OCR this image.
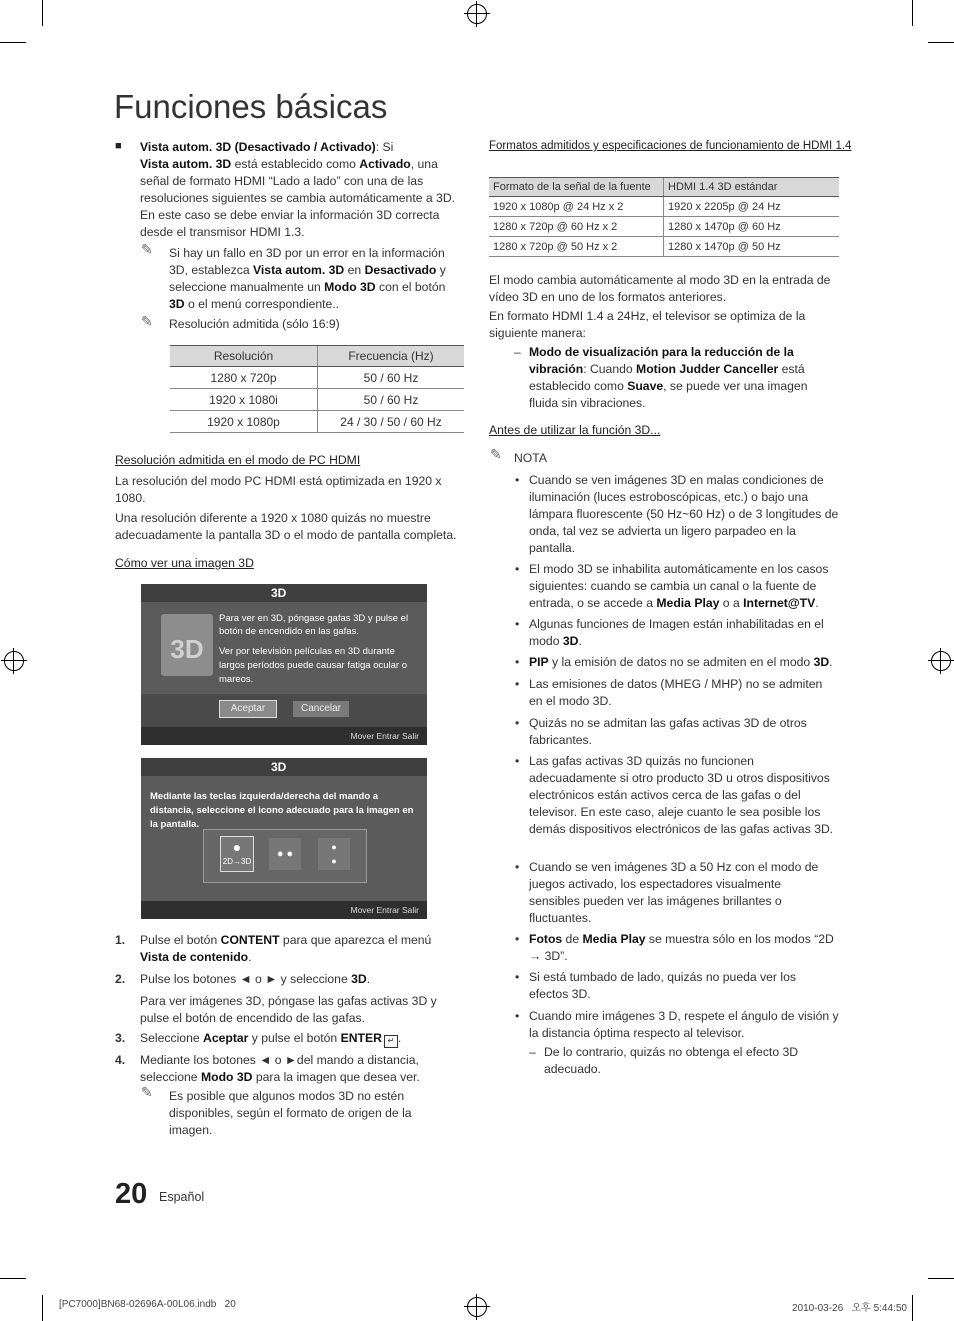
Funciones básicas
■ Vista autom. 3D (Desactivado / Activado): Si
Vista autom. 3D está establecido como Activado, una señal de formato HDMI “Lado a lado” con una de las resoluciones siguientes se cambia automáticamente a 3D. En este caso se debe enviar la información 3D correcta desde el transmisor HDMI 1.3.
✎ Si hay un fallo en 3D por un error en la información 3D, establezca Vista autom. 3D en Desactivado y seleccione manualmente un Modo 3D con el botón 3D o el menú correspondiente..
✎ Resolución admitida (sólo 16:9)
Resolución	Frecuencia (Hz)
1280 x 720p	50 / 60 Hz
1920 x 1080i	50 / 60 Hz
1920 x 1080p	24 / 30 / 50 / 60 Hz
Resolución admitida en el modo de PC HDMI

La resolución del modo PC HDMI está optimizada en 1920 x 1080.

Una resolución diferente a 1920 x 1080 quizás no muestre adecuadamente la pantalla 3D o el modo de pantalla completa.

Cómo ver una imagen 3D
3D
3D
Para ver en 3D, póngase gafas 3D y pulse el botón de encendido en las gafas.
Ver por televisión películas en 3D durante largos períodos puede causar fatiga ocular o mareos.
Aceptar	Cancelar
Mover Entrar Salir
3D
Mediante las teclas izquierda/derecha del mando a distancia, seleccione el icono adecuado para la imagen en la pantalla.
●
2D→3D
● ●
●
●
Mover Entrar Salir
1. Pulse el botón CONTENT para que aparezca el menú Vista de contenido.
2. Pulse los botones ◄ o ► y seleccione 3D.

Para ver imágenes 3D, póngase las gafas activas 3D y pulse el botón de encendido de las gafas.

3. Seleccione Aceptar y pulse el botón ENTER ↵ .
4. Mediante los botones ◄ o ►del mando a distancia, seleccione Modo 3D para la imagen que desea ver.
✎ Es posible que algunos modos 3D no estén disponibles, según el formato de origen de la imagen.
20 Español
Formatos admitidos y especificaciones de funcionamiento de HDMI 1.4
Formato de la señal de la fuente	HDMI 1.4 3D estándar
1920 x 1080p @ 24 Hz x 2	1920 x 2205p @ 24 Hz
1280 x 720p @ 60 Hz x 2	1280 x 1470p @ 60 Hz
1280 x 720p @ 50 Hz x 2	1280 x 1470p @ 50 Hz

El modo cambia automáticamente al modo 3D en la entrada de vídeo 3D en uno de los formatos anteriores.

En formato HDMI 1.4 a 24Hz, el televisor se optimiza de la siguiente manera:

– Modo de visualización para la reducción de la vibración: Cuando Motion Judder Canceller está establecido como Suave, se puede ver una imagen fluida sin vibraciones.
Antes de utilizar la función 3D...
✎ NOTA
• Cuando se ven imágenes 3D en malas condiciones de iluminación (luces estroboscópicas, etc.) o bajo una lámpara fluorescente (50 Hz~60 Hz) o de 3 longitudes de onda, tal vez se advierta un ligero parpadeo en la pantalla.
• El modo 3D se inhabilita automáticamente en los casos siguientes: cuando se cambia un canal o la fuente de entrada, o se accede a Media Play o a Internet@TV.
• Algunas funciones de Imagen están inhabilitadas en el modo 3D.
• PIP y la emisión de datos no se admiten en el modo 3D.
• Las emisiones de datos (MHEG / MHP) no se admiten en el modo 3D.
• Quizás no se admitan las gafas activas 3D de otros fabricantes.
• Las gafas activas 3D quizás no funcionen adecuadamente si otro producto 3D u otros dispositivos electrónicos están activos cerca de las gafas o del televisor. En este caso, aleje cuanto le sea posible los demás dispositivos electrónicos de las gafas activas 3D.
• Cuando se ven imágenes 3D a 50 Hz con el modo de juegos activado, los espectadores visualmente sensibles pueden ver las imágenes brillantes o fluctuantes.
• Fotos de Media Play se muestra sólo en los modos “2D → 3D”.
• Si está tumbado de lado, quizás no pueda ver los efectos 3D.
• Cuando mire imágenes 3 D, respete el ángulo de visión y la distancia óptima respecto al televisor.
– De lo contrario, quizás no obtenga el efecto 3D adecuado.
[PC7000]BN68-02696A-00L06.indb   20	2010-03-26   오후 5:44:50
